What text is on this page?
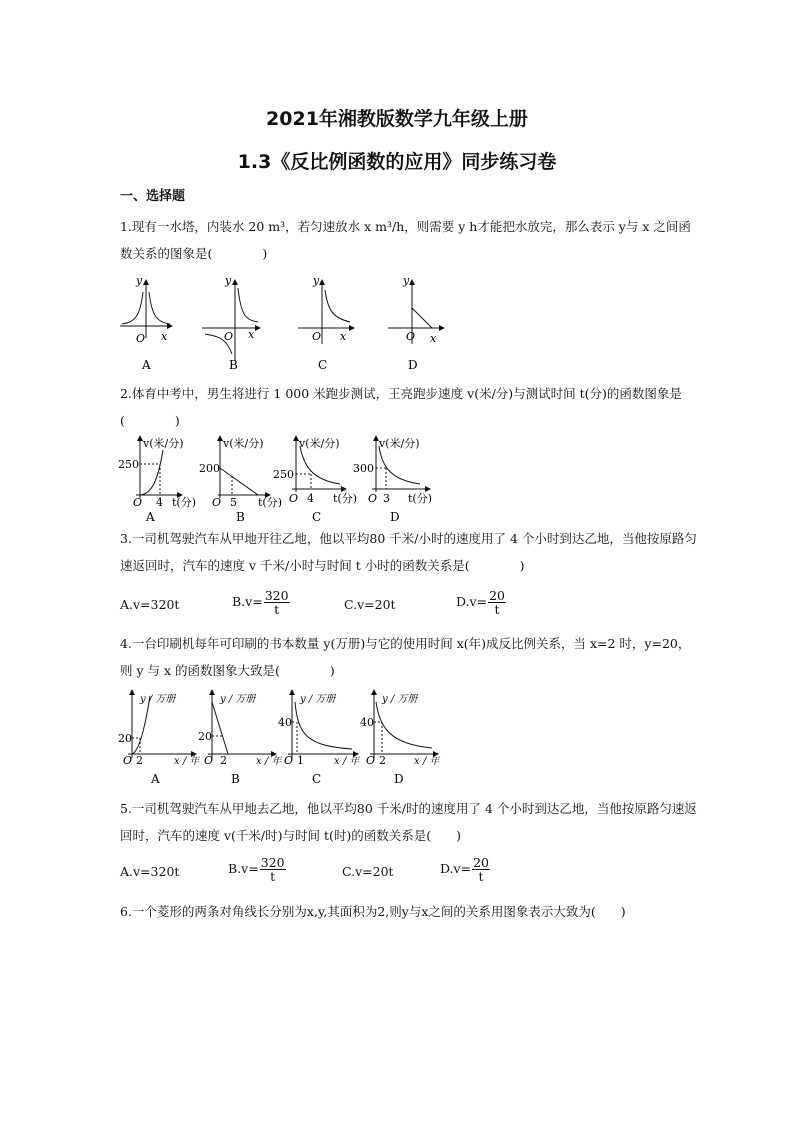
2021年湘教版数学九年级上册
1.3《反比例函数的应用》同步练习卷
一、选择题
1.现有一水塔，内装水 20 m³，若匀速放水 x m³/h，则需要 y h才能把水放完，那么表示 y与 x 之间函数关系的图象是(　　　　)
y
x
O
A
y
x
O
B
y
x
O
C
y
x
O
D
2.体育中考中，男生将进行 1 000 米跑步测试，王亮跑步速度 v(米/分)与测试时间 t(分)的函数图象是(　　　　)
v(米/分)
250
O 4 t(分)
A
v(米/分)
200
O 5 t(分)
B
v(米/分)
250
O 4 t(分)
C
v(米/分)
300
O 3 t(分)
D
3.一司机驾驶汽车从甲地开往乙地，他以平均80 千米/小时的速度用了 4 个小时到达乙地，当他按原路匀速返回时，汽车的速度 v 千米/小时与时间 t 小时的函数关系是(　　　　)
A.v=320t	$B.v= \frac{320}{t}$	C.v=20t	$D.v= \frac{20}{t}$
4.一台印刷机每年可印刷的书本数量 y(万册)与它的使用时间 x(年)成反比例关系，当 x=2 时，y=20，则 y 与 x 的函数图象大致是(　　　　)
y / 万册
20
O 2	x / 年
A
y / 万册
20
O 2	x / 年
B
y / 万册
40
O 1	x / 年
C
y / 万册
40
O 2	x / 年
D
5.一司机驾驶汽车从甲地去乙地，他以平均80 千米/时的速度用了 4 个小时到达乙地，当他按原路匀速返回时，汽车的速度 v(千米/时)与时间 t(时)的函数关系是(　　)
A.v=320t	$B.v= \frac{320}{t}$	C.v=20t	$D.v= \frac{20}{t}$
6.一个菱形的两条对角线长分别为x,y,其面积为2,则y与x之间的关系用图象表示大致为(　　)
